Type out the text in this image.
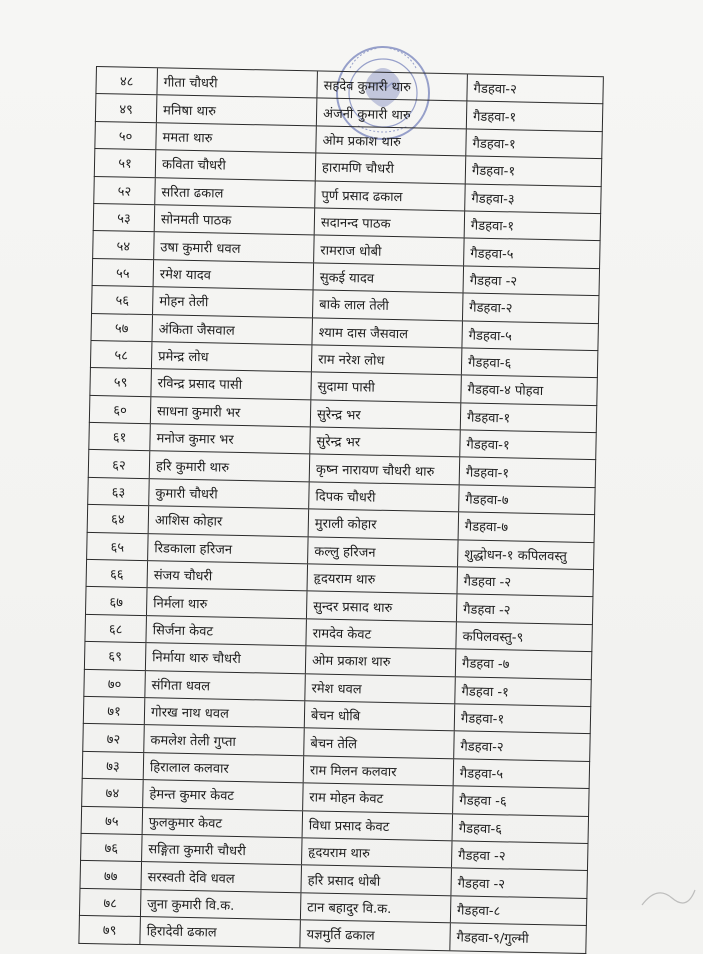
४८	गीता चौधरी	सहदेव कुमारी थारु	गैडहवा-२
४९	मनिषा थारु	अंजनी कुमारी थारु	गैडहवा-१
५०	ममता थारु	ओम प्रकाश थारु	गैडहवा-१
५१	कविता चौधरी	हारामणि चौधरी	गैडहवा-१
५२	सरिता ढकाल	पुर्ण प्रसाद ढकाल	गैडहवा-३
५३	सोनमती पाठक	सदानन्द पाठक	गैडहवा-१
५४	उषा कुमारी धवल	रामराज धोबी	गैडहवा-५
५५	रमेश यादव	सुकई यादव	गैडहवा -२
५६	मोहन तेली	बाके लाल तेली	गैडहवा-२
५७	अंकिता जैसवाल	श्याम दास जैसवाल	गैडहवा-५
५८	प्रमेन्द्र लोध	राम नरेश लोध	गैडहवा-६
५९	रविन्द्र प्रसाद पासी	सुदामा पासी	गैडहवा-४ पोहवा
६०	साधना कुमारी भर	सुरेन्द्र भर	गैडहवा-१
६१	मनोज कुमार भर	सुरेन्द्र भर	गैडहवा-१
६२	हरि कुमारी थारु	कृष्न नारायण चौधरी थारु	गैडहवा-१
६३	कुमारी चौधरी	दिपक चौधरी	गैडहवा-७
६४	आशिस कोहार	मुराली कोहार	गैडहवा-७
६५	रिडकाला हरिजन	कल्लु हरिजन	शुद्धोधन-१ कपिलवस्तु
६६	संजय चौधरी	हृदयराम थारु	गैडहवा -२
६७	निर्मला थारु	सुन्दर प्रसाद थारु	गैडहवा -२
६८	सिर्जना केवट	रामदेव केवट	कपिलवस्तु-९
६९	निर्माया थारु चौधरी	ओम प्रकाश थारु	गैडहवा -७
७०	संगिता धवल	रमेश धवल	गैडहवा -१
७१	गोरख नाथ धवल	बेचन धोबि	गैडहवा-१
७२	कमलेश तेली गुप्ता	बेचन तेलि	गैडहवा-२
७३	हिरालाल कलवार	राम मिलन कलवार	गैडहवा-५
७४	हेमन्त कुमार केवट	राम मोहन केवट	गैडहवा -६
७५	फुलकुमार केवट	विधा प्रसाद केवट	गैडहवा-६
७६	सङ्गिता कुमारी चौधरी	हृदयराम थारु	गैडहवा -२
७७	सरस्वती देवि धवल	हरि प्रसाद धोबी	गैडहवा -२
७८	जुना कुमारी वि.क.	टान बहादुर वि.क.	गैडहवा-८
७९	हिरादेवी ढकाल	यज्ञमुर्ति ढकाल	गैडहवा-९/गुल्मी
